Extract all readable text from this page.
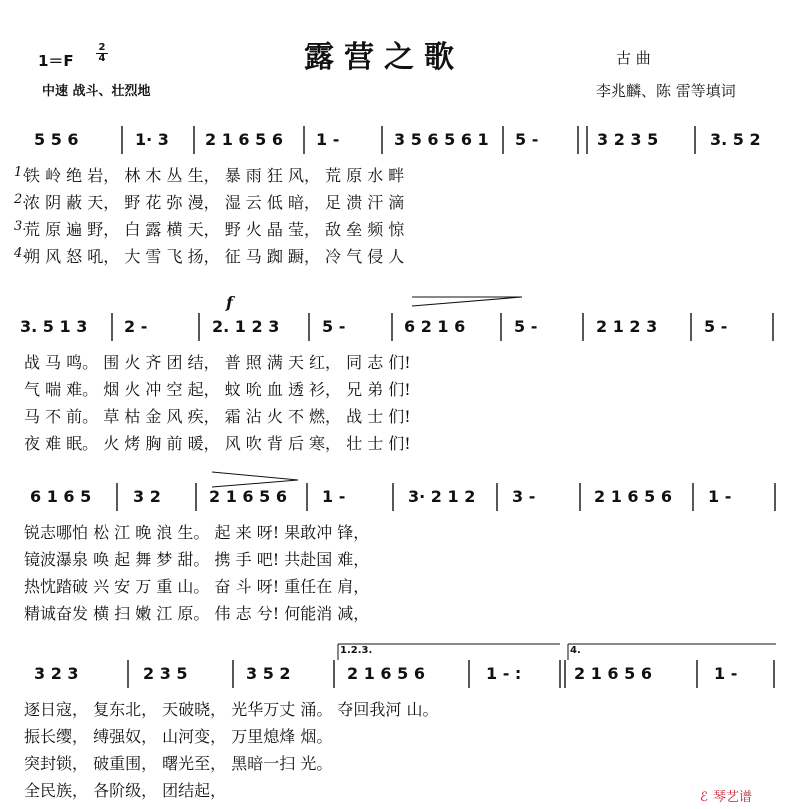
露营之歌
1＝F
2
4
中速 战斗、壮烈地
古 曲
李兆麟、陈 雷等填词
5 5 6	1· 3 2 1 6 5 6 1 -	3 5 6 5 6 1 5 -	3 2 3 5	3. 5 2
铁 岭 绝 岩， 林 木 丛 生， 暴 雨 狂 风， 荒 原 水 畔
浓 阴 蔽 天， 野 花 弥 漫， 湿 云 低 暗， 足 溃 汗 滴
荒 原 遍 野， 白 露 横 天， 野 火 晶 莹， 敌 垒 频 惊
朔 风 怒 吼， 大 雪 飞 扬， 征 马 踟 蹰， 冷 气 侵 人
1.
2.
3.
4.
3. 5 1 3 2 -	2. 1 2 3	5 -	6 2 1 6	5 -	2 1 2 3	5 -
战 马 鸣。 围 火 齐 团 结， 普 照 满 天 红， 同 志 们!
气 喘 难。 烟 火 冲 空 起， 蚊 吮 血 透 衫， 兄 弟 们!
马 不 前。 草 枯 金 风 疾， 霜 沾 火 不 燃， 战 士 们!
夜 难 眠。 火 烤 胸 前 暖， 风 吹 背 后 寒， 壮 士 们!
f
6 1 6 5	3 2	2 1 6 5 6 1 -	3· 2 1 2 3 -	2 1 6 5 6 1 -
锐志哪怕 松 江 晚 浪 生。 起 来 呀! 果敢冲 锋，
镜波瀑泉 唤 起 舞 梦 甜。 携 手 吧! 共赴国 难，
热忱踏破 兴 安 万 重 山。 奋 斗 呀! 重任在 肩，
精诚奋发 横 扫 嫩 江 原。 伟 志 兮! 何能消 减，
3 2 3	2 3 5	3 5 2	2 1 6 5 6	1 - :	2 1 6 5 6	1 -
逐日寇， 复东北， 天破晓， 光华万丈 涌。 夺回我河 山。
振长缨， 缚强奴， 山河变， 万里熄烽 烟。
突封锁， 破重围， 曙光至， 黑暗一扫 光。
全民族， 各阶级， 团结起，
1.2.3.	4.
ℰ 琴艺谱
